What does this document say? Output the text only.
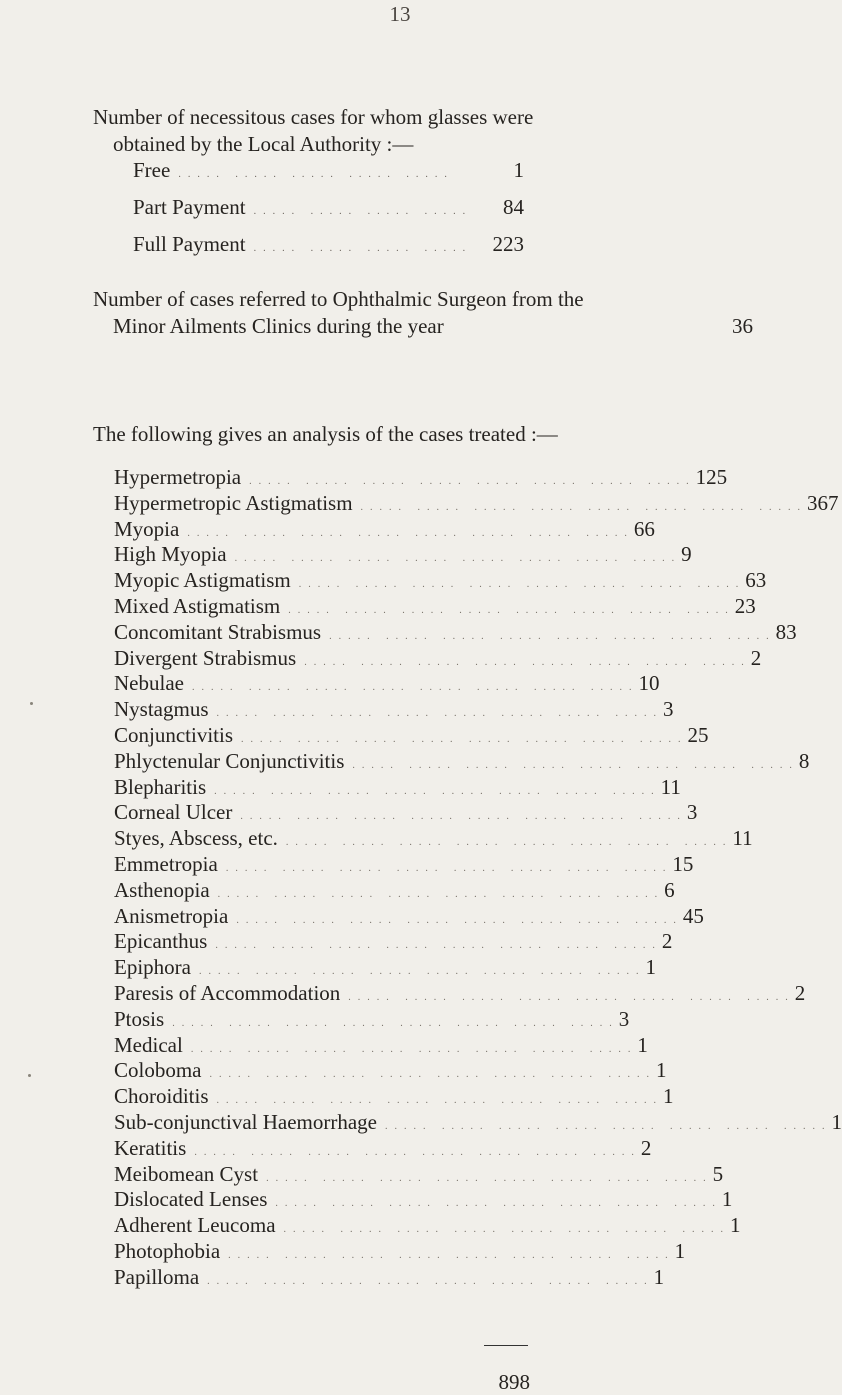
13
Number of necessitous cases for whom glasses were
obtained by the Local Authority :—
Free ..... ..... ..... ..... .....	1
Part Payment ..... ..... ..... .....	84
Full Payment ..... ..... ..... ..... 223
Number of cases referred to Ophthalmic Surgeon from the
Minor Ailments Clinics during the year	36
The following gives an analysis of the cases treated :—
Hypermetropia ..... ..... ..... ..... ..... ..... ..... ..... 125
Hypermetropic Astigmatism ..... ..... ..... ..... ..... ..... ..... ..... 367
Myopia ..... ..... ..... ..... ..... ..... ..... ..... 66
High Myopia ..... ..... ..... ..... ..... ..... ..... ..... 9
Myopic Astigmatism ..... ..... ..... ..... ..... ..... ..... ..... 63
Mixed Astigmatism ..... ..... ..... ..... ..... ..... ..... ..... 23
Concomitant Strabismus ..... ..... ..... ..... ..... ..... ..... ..... 83
Divergent Strabismus ..... ..... ..... ..... ..... ..... ..... ..... 2
Nebulae ..... ..... ..... ..... ..... ..... ..... ..... 10
Nystagmus ..... ..... ..... ..... ..... ..... ..... ..... 3
Conjunctivitis ..... ..... ..... ..... ..... ..... ..... ..... 25
Phlyctenular Conjunctivitis ..... ..... ..... ..... ..... ..... ..... ..... 8
Blepharitis ..... ..... ..... ..... ..... ..... ..... ..... 11
Corneal Ulcer ..... ..... ..... ..... ..... ..... ..... ..... 3
Styes, Abscess, etc. ..... ..... ..... ..... ..... ..... ..... ..... 11
Emmetropia ..... ..... ..... ..... ..... ..... ..... ..... 15
Asthenopia ..... ..... ..... ..... ..... ..... ..... ..... 6
Anismetropia ..... ..... ..... ..... ..... ..... ..... ..... 45
Epicanthus ..... ..... ..... ..... ..... ..... ..... ..... 2
Epiphora ..... ..... ..... ..... ..... ..... ..... ..... 1
Paresis of Accommodation ..... ..... ..... ..... ..... ..... ..... ..... 2
Ptosis ..... ..... ..... ..... ..... ..... ..... ..... 3
Medical ..... ..... ..... ..... ..... ..... ..... ..... 1
Coloboma ..... ..... ..... ..... ..... ..... ..... ..... 1
Choroiditis ..... ..... ..... ..... ..... ..... ..... ..... 1
Sub-conjunctival Haemorrhage ..... ..... ..... ..... ..... ..... ..... ..... 1
Keratitis ..... ..... ..... ..... ..... ..... ..... ..... 2
Meibomean Cyst ..... ..... ..... ..... ..... ..... ..... ..... 5
Dislocated Lenses ..... ..... ..... ..... ..... ..... ..... ..... 1
Adherent Leucoma ..... ..... ..... ..... ..... ..... ..... ..... 1
Photophobia ..... ..... ..... ..... ..... ..... ..... ..... 1
Papilloma ..... ..... ..... ..... ..... ..... ..... ..... 1
898
